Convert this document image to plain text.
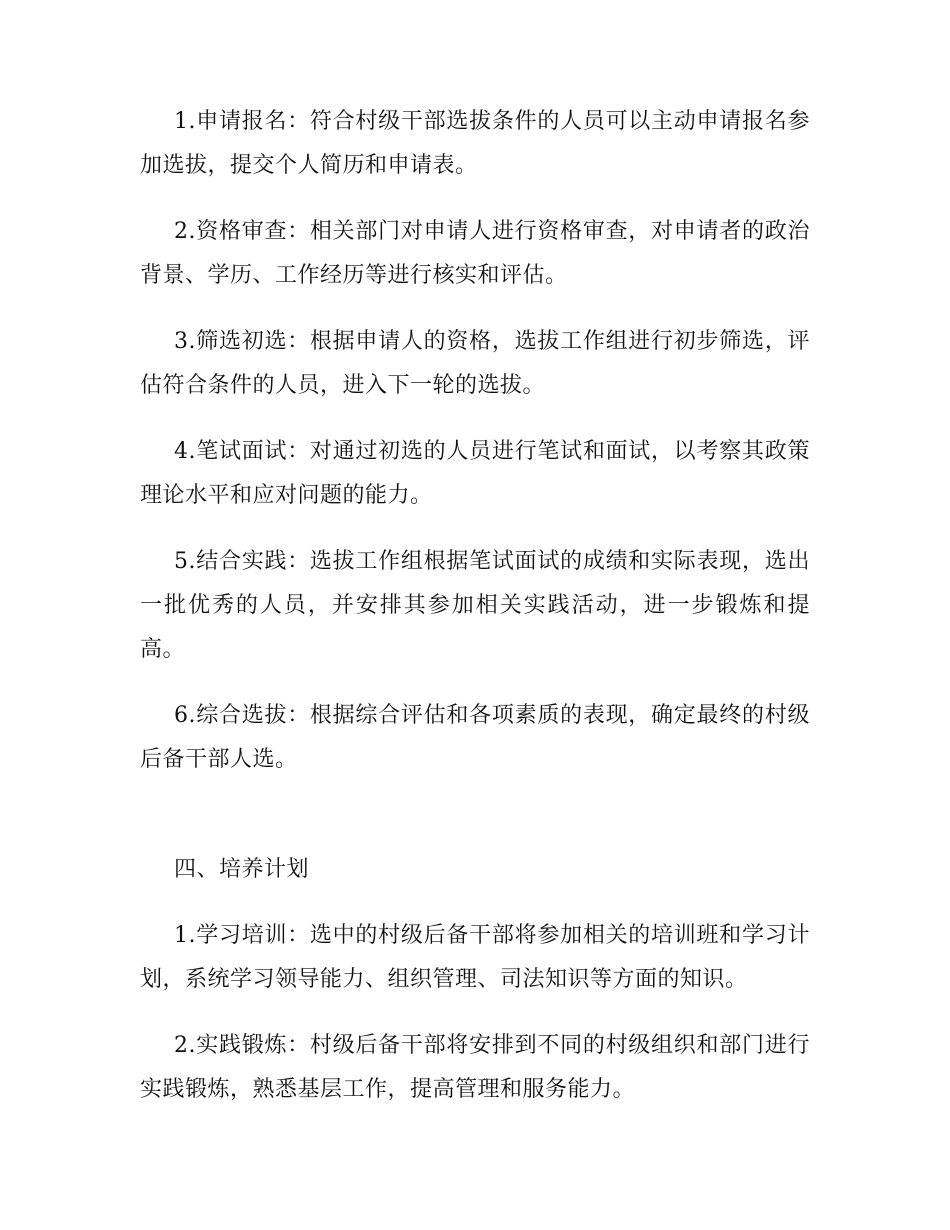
1.申请报名：符合村级干部选拔条件的人员可以主动申请报名参加选拔，提交个人简历和申请表。

2.资格审查：相关部门对申请人进行资格审查，对申请者的政治背景、学历、工作经历等进行核实和评估。

3.筛选初选：根据申请人的资格，选拔工作组进行初步筛选，评估符合条件的人员，进入下一轮的选拔。

4.笔试面试：对通过初选的人员进行笔试和面试，以考察其政策理论水平和应对问题的能力。

5.结合实践：选拔工作组根据笔试面试的成绩和实际表现，选出一批优秀的人员，并安排其参加相关实践活动，进一步锻炼和提高。

6.综合选拔：根据综合评估和各项素质的表现，确定最终的村级后备干部人选。

四、培养计划

1.学习培训：选中的村级后备干部将参加相关的培训班和学习计划，系统学习领导能力、组织管理、司法知识等方面的知识。

2.实践锻炼：村级后备干部将安排到不同的村级组织和部门进行实践锻炼，熟悉基层工作，提高管理和服务能力。
